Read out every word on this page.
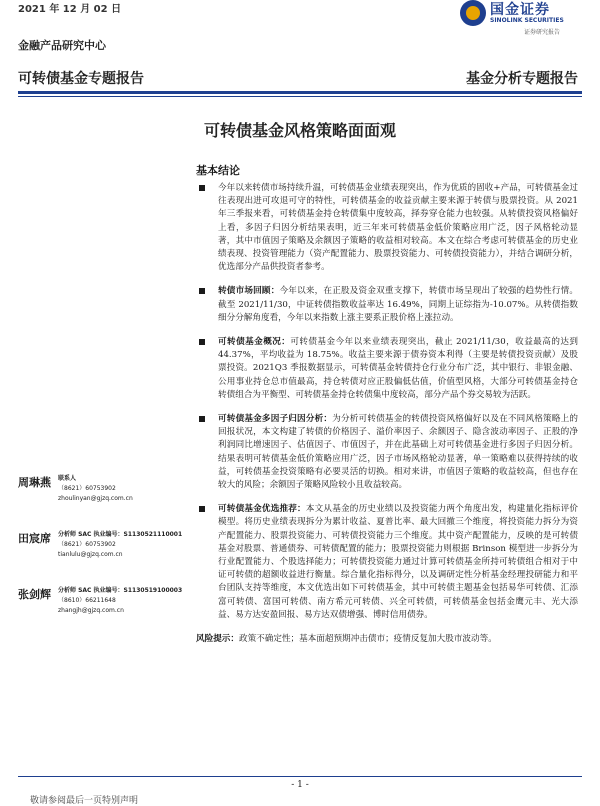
2021 年 12 月 02 日
金融产品研究中心
国金证券
SINOLINK SECURITIES
证券研究报告
可转债基金专题报告	基金分析专题报告
可转债基金风格策略面面观
基本结论
今年以来转债市场持续升温，可转债基金业绩表现突出，作为优质的固收+产品，可转债基金过往表现出进可攻退可守的特性，可转债基金的收益贡献主要来源于转债与股票投资。从 2021 年三季报来看，可转债基金持仓转债集中度较高，择券穿仓能力也较强。从转债投资风格偏好上看，多因子归因分析结果表明，近三年来可转债基金低价策略应用广泛，因子风格轮动显著，其中市值因子策略及余额因子策略的收益相对较高。本文在综合考虑可转债基金的历史业绩表现、投资管理能力（资产配置能力、股票投资能力、可转债投资能力），并结合调研分析，优选部分产品供投资者参考。
转债市场回顾：今年以来，在正股及资金双重支撑下，转债市场呈现出了较强的趋势性行情。截至 2021/11/30，中证转债指数收益率达 16.49%，同期上证综指为-10.07%。从转债指数细分分解角度看，今年以来指数上涨主要系正股价格上涨拉动。
可转债基金概况：可转债基金今年以来业绩表现突出，截止 2021/11/30，收益最高的达到 44.37%，平均收益为 18.75%。收益主要来源于债券资本利得（主要是转债投资贡献）及股票投资。2021Q3 季报数据显示，可转债基金转债持仓行业分布广泛，其中银行、非银金融、公用事业持仓总市值最高，持仓转债对应正股偏低估值，价值型风格，大部分可转债基金持仓转债组合为平衡型、可转债基金持仓转债集中度较高，部分产品个券交易较为活跃。
可转债基金多因子归因分析：为分析可转债基金的转债投资风格偏好以及在不同风格策略上的回报状况，本文构建了转债的价格因子、溢价率因子、余额因子、隐含波动率因子、正股的净利润同比增速因子、估值因子、市值因子，并在此基础上对可转债基金进行多因子归因分析。结果表明可转债基金低价策略应用广泛，因子市场风格轮动显著，单一策略难以获得持续的收益，可转债基金投资策略有必要灵活的切换。相对来讲，市值因子策略的收益较高，但也存在较大的风险；余额因子策略风险较小且收益较高。
可转债基金优选推荐：本文从基金的历史业绩以及投资能力两个角度出发，构建量化指标评价模型。将历史业绩表现拆分为累计收益、夏普比率、最大回撤三个维度，将投资能力拆分为资产配置能力、股票投资能力、可转债投资能力三个维度。其中资产配置能力，反映的是可转债基金对股票、普通债券、可转债配置的能力；股票投资能力则根据 Brinson 模型进一步拆分为行业配置能力、个股选择能力；可转债投资能力通过计算可转债基金所持可转债组合相对于中证可转债的超额收益进行衡量。综合量化指标得分，以及调研定性分析基金经理投研能力和平台团队支持等维度，本文优选出如下可转债基金，其中可转债主题基金包括易华可转债、汇添富可转债、富国可转债、南方希元可转债、兴全可转债，可转债基金包括金鹰元丰、光大添益、易方达安盈回报、易方达双债增强、博时信用债券。
风险提示：政策不确定性；基本面超预期冲击债市；疫情反复加大股市波动等。
周琳燕 联系人
（8621）60753902
zhoulinyan@gjzq.com.cn
田宸席 分析师 SAC 执业编号：S1130521110001
（8621）60753902
tianlulu@gjzq.com.cn
张剑辉 分析师 SAC 执业编号：S1130519100003
（8610）66211648
zhangjh@gjzq.com.cn
- 1 -
敬请参阅最后一页特别声明
